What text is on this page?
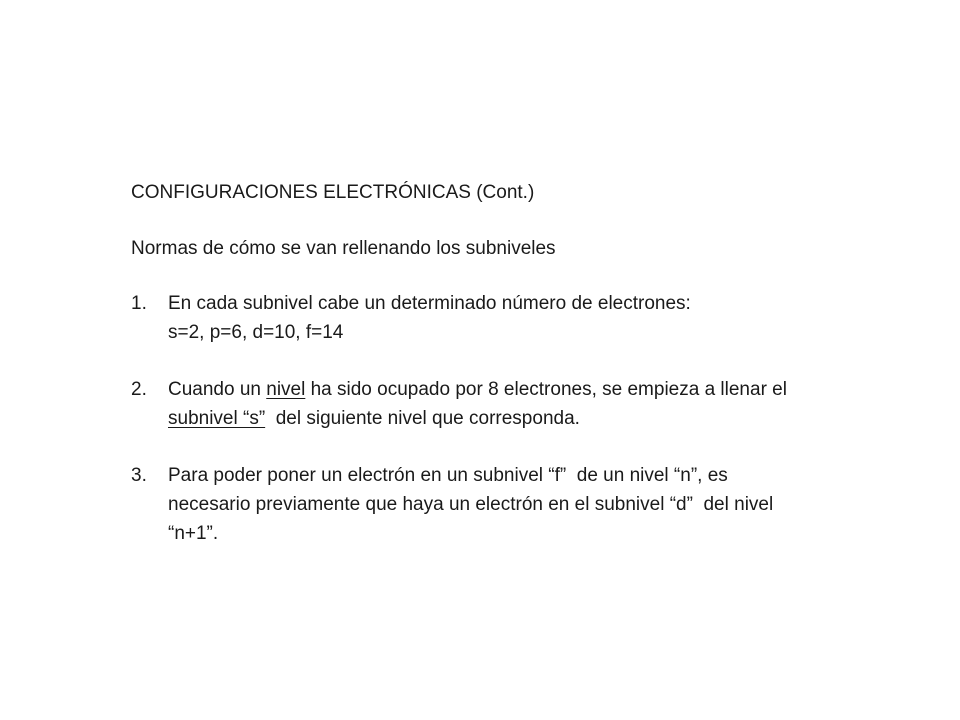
CONFIGURACIONES ELECTRÓNICAS (Cont.)

Normas de cómo se van rellenando los subniveles

1. En cada subnivel cabe un determinado número de electrones:
s=2, p=6, d=10, f=14
2. Cuando un nivel ha sido ocupado por 8 electrones, se empieza a llenar el
subnivel “s”  del siguiente nivel que corresponda.
3. Para poder poner un electrón en un subnivel “f”  de un nivel “n”, es
necesario previamente que haya un electrón en el subnivel “d”  del nivel
“n+1”.
